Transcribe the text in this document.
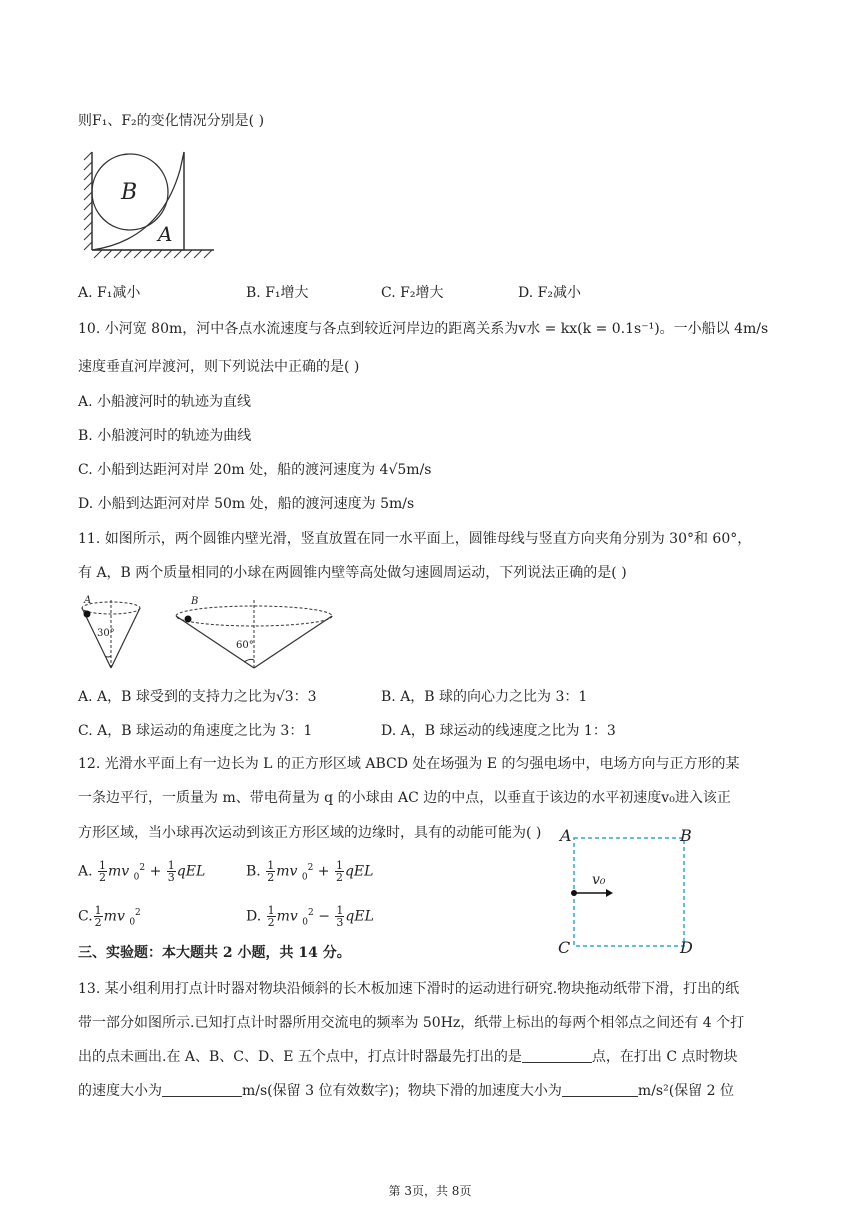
则F₁、F₂的变化情况分别是( )
B
A
A. F₁减小	B. F₁增大	C. F₂增大	D. F₂减小
10. 小河宽 80m，河中各点水流速度与各点到较近河岸边的距离关系为v水 = kx(k = 0.1s⁻¹)。一小船以 4m/s
速度垂直河岸渡河，则下列说法中正确的是( )
A. 小船渡河时的轨迹为直线
B. 小船渡河时的轨迹为曲线
C. 小船到达距河对岸 20m 处，船的渡河速度为 4√5m/s
D. 小船到达距河对岸 50m 处，船的渡河速度为 5m/s
11. 如图所示，两个圆锥内壁光滑，竖直放置在同一水平面上，圆锥母线与竖直方向夹角分别为 30°和 60°，
有 A，B 两个质量相同的小球在两圆锥内壁等高处做匀速圆周运动，下列说法正确的是( )
A
30°
B
60°
A. A，B 球受到的支持力之比为√3：3	B. A，B 球的向心力之比为 3：1
C. A，B 球运动的角速度之比为 3：1	D. A，B 球运动的线速度之比为 1：3
12. 光滑水平面上有一边长为 L 的正方形区域 ABCD 处在场强为 E 的匀强电场中，电场方向与正方形的某
一条边平行，一质量为 m、带电荷量为 q 的小球由 AC 边的中点，以垂直于该边的水平初速度v₀进入该正
方形区域，当小球再次运动到该正方形区域的边缘时，具有的动能可能为( ) A	B
C	D
v₀
A. $\frac{1}{2}$ mv $_0^2 + \frac{1}{3}$ qEL	B. $\frac{1}{2}$ mv $_0^2 + \frac{1}{2}$ qEL
C. $\frac{1}{2}$ mv $_0^2$	D. $\frac{1}{2}$ mv $_0^2 - \frac{1}{3}$ qEL
三、实验题：本大题共 2 小题，共 14 分。
13. 某小组利用打点计时器对物块沿倾斜的长木板加速下滑时的运动进行研究.物块拖动纸带下滑，打出的纸
带一部分如图所示.已知打点计时器所用交流电的频率为 50Hz，纸带上标出的每两个相邻点之间还有 4 个打
出的点未画出.在 A、B、C、D、E 五个点中，打点计时器最先打出的是	点，在打出 C 点时物块
的速度大小为	m/s(保留 3 位有效数字)；物块下滑的加速度大小为	m/s²(保留 2 位
第 3页，共 8页
